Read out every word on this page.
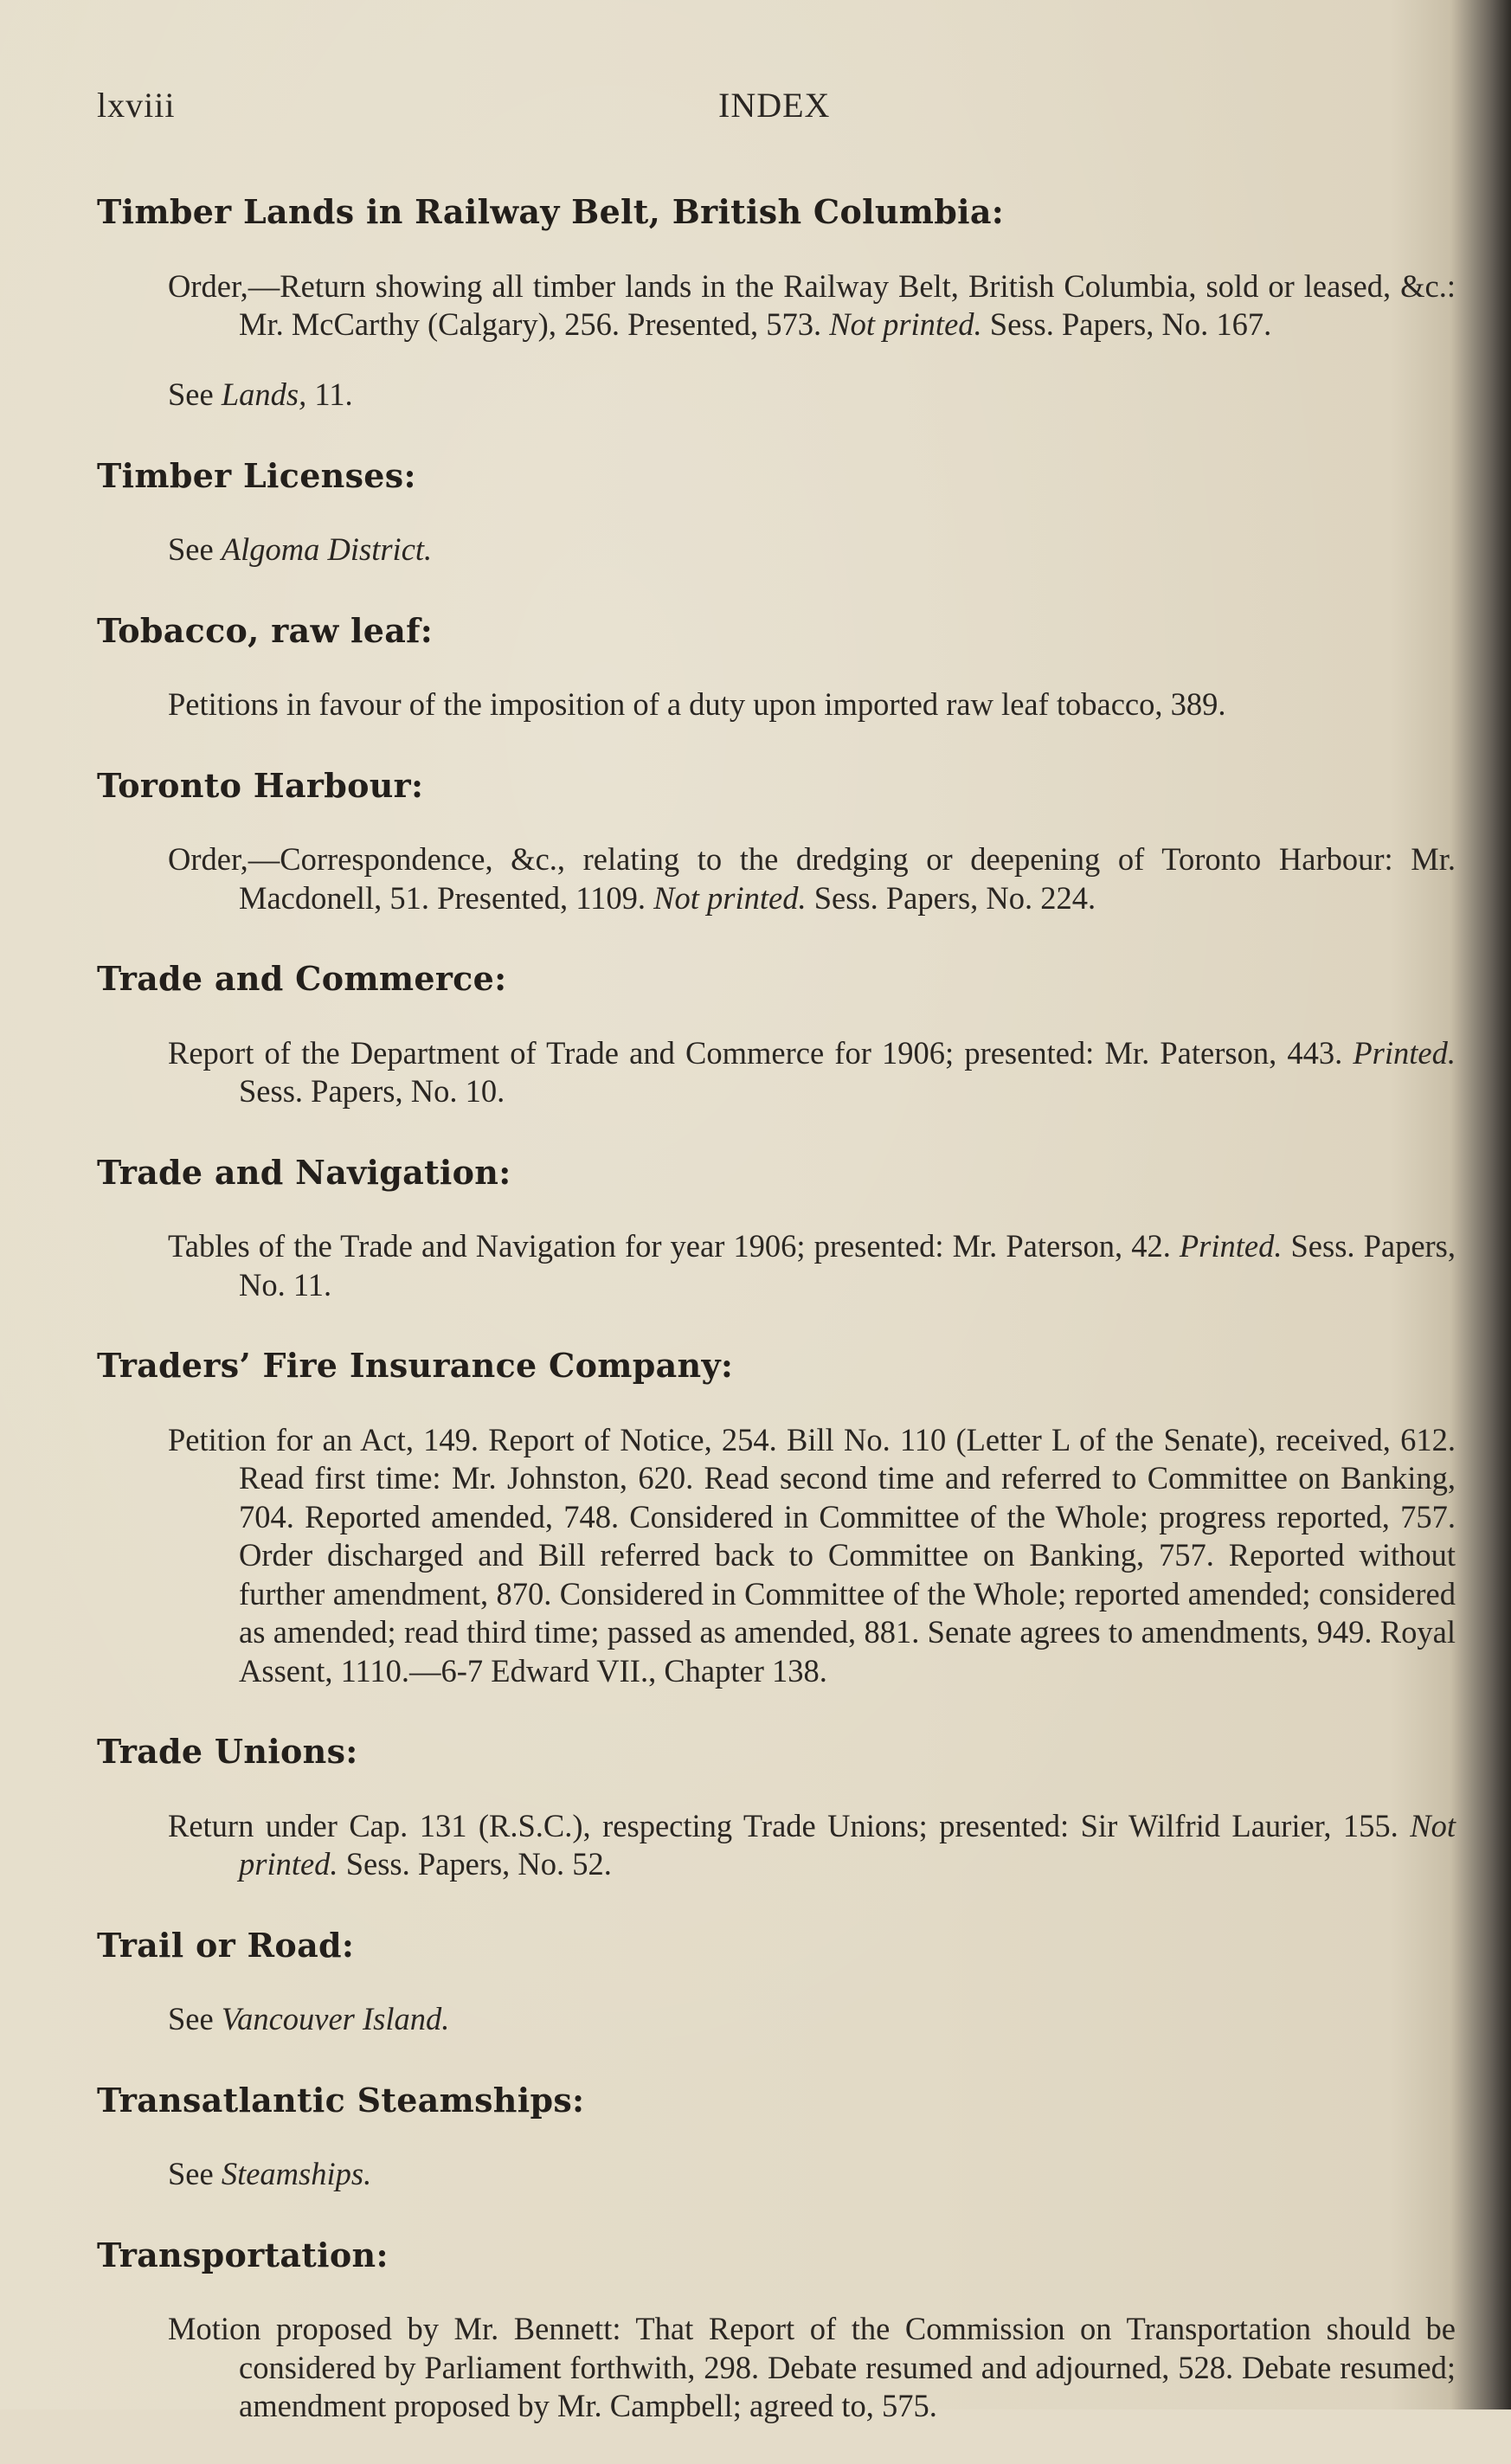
lxviii	INDEX
Timber Lands in Railway Belt, British Columbia:

Order,—Return showing all timber lands in the Railway Belt, British Columbia, sold or leased, &c.: Mr. McCarthy (Calgary), 256. Presented, 573. Not printed. Sess. Papers, No. 167.

See Lands, 11.

Timber Licenses:

See Algoma District.

Tobacco, raw leaf:

Petitions in favour of the imposition of a duty upon imported raw leaf tobacco, 389.

Toronto Harbour:

Order,—Correspondence, &c., relating to the dredging or deepening of Toronto Harbour: Mr. Macdonell, 51. Presented, 1109. Not printed. Sess. Papers, No. 224.

Trade and Commerce:

Report of the Department of Trade and Commerce for 1906; presented: Mr. Paterson, 443. Printed. Sess. Papers, No. 10.

Trade and Navigation:

Tables of the Trade and Navigation for year 1906; presented: Mr. Paterson, 42. Printed. Sess. Papers, No. 11.

Traders’ Fire Insurance Company:

Petition for an Act, 149. Report of Notice, 254. Bill No. 110 (Letter L of the Senate), received, 612. Read first time: Mr. Johnston, 620. Read second time and referred to Committee on Banking, 704. Reported amended, 748. Considered in Committee of the Whole; progress reported, 757. Order discharged and Bill referred back to Committee on Banking, 757. Reported without further amendment, 870. Considered in Committee of the Whole; reported amended; considered as amended; read third time; passed as amended, 881. Senate agrees to amendments, 949. Royal Assent, 1110.—6-7 Edward VII., Chapter 138.

Trade Unions:

Return under Cap. 131 (R.S.C.), respecting Trade Unions; presented: Sir Wilfrid Laurier, 155. Not printed. Sess. Papers, No. 52.

Trail or Road:

See Vancouver Island.

Transatlantic Steamships:

See Steamships.

Transportation:

Motion proposed by Mr. Bennett: That Report of the Commission on Transportation should be considered by Parliament forthwith, 298. Debate resumed and adjourned, 528. Debate resumed; amendment proposed by Mr. Campbell; agreed to, 575.
